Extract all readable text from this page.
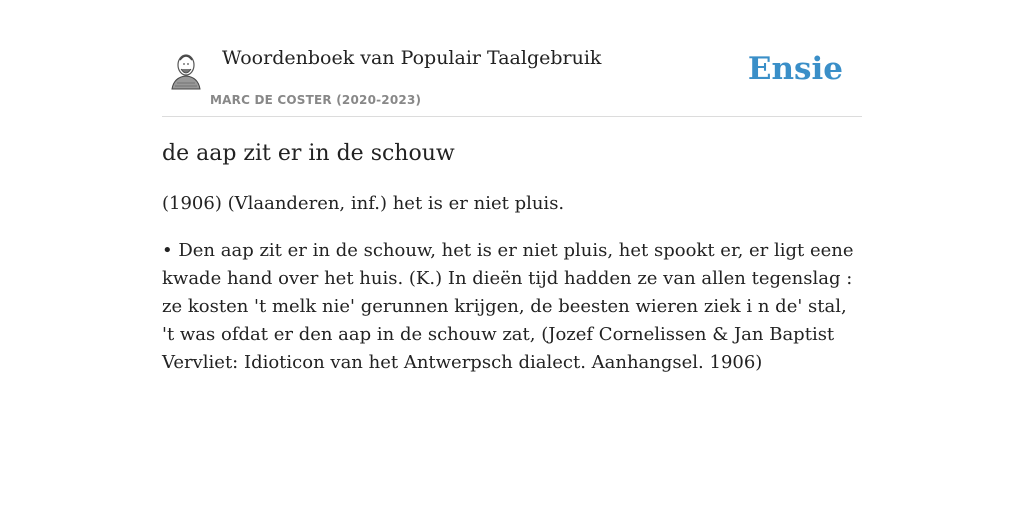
Woordenboek van Populair Taalgebruik
MARC DE COSTER (2020-2023)
Ensie
de aap zit er in de schouw

(1906) (Vlaanderen, inf.) het is er niet pluis.

• Den aap zit er in de schouw, het is er niet pluis, het spookt er, er ligt eene kwade hand over het huis. (K.) In dieën tijd hadden ze van allen tegenslag : ze kosten 't melk nie' gerunnen krijgen, de beesten wieren ziek i n de' stal, 't was ofdat er den aap in de schouw zat, (Jozef Cornelissen & Jan Baptist Vervliet: Idioticon van het Antwerpsch dialect. Aanhangsel. 1906)
